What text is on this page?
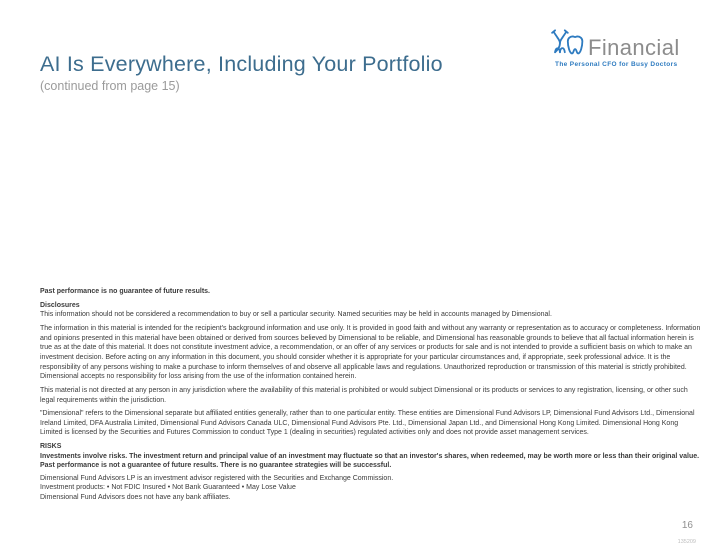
AI Is Everywhere, Including Your Portfolio

(continued from page 15)

Financial
The Personal CFO for Busy Doctors

Past performance is no guarantee of future results.

Disclosures

This information should not be considered a recommendation to buy or sell a particular security. Named securities may be held in accounts managed by Dimensional.

The information in this material is intended for the recipient's background information and use only. It is provided in good faith and without any warranty or representation as to accuracy or completeness. Information and opinions presented in this material have been obtained or derived from sources believed by Dimensional to be reliable, and Dimensional has reasonable grounds to believe that all factual information herein is true as at the date of this material. It does not constitute investment advice, a recommendation, or an offer of any services or products for sale and is not intended to provide a sufficient basis on which to make an investment decision. Before acting on any information in this document, you should consider whether it is appropriate for your particular circumstances and, if appropriate, seek professional advice. It is the responsibility of any persons wishing to make a purchase to inform themselves of and observe all applicable laws and regulations. Unauthorized reproduction or transmission of this material is strictly prohibited. Dimensional accepts no responsibility for loss arising from the use of the information contained herein.

This material is not directed at any person in any jurisdiction where the availability of this material is prohibited or would subject Dimensional or its products or services to any registration, licensing, or other such legal requirements within the jurisdiction.

"Dimensional" refers to the Dimensional separate but affiliated entities generally, rather than to one particular entity. These entities are Dimensional Fund Advisors LP, Dimensional Fund Advisors Ltd., Dimensional Ireland Limited, DFA Australia Limited, Dimensional Fund Advisors Canada ULC, Dimensional Fund Advisors Pte. Ltd., Dimensional Japan Ltd., and Dimensional Hong Kong Limited. Dimensional Hong Kong Limited is licensed by the Securities and Futures Commission to conduct Type 1 (dealing in securities) regulated activities only and does not provide asset management services.

RISKS

Investments involve risks. The investment return and principal value of an investment may fluctuate so that an investor's shares, when redeemed, may be worth more or less than their original value. Past performance is not a guarantee of future results. There is no guarantee strategies will be successful.

Dimensional Fund Advisors LP is an investment advisor registered with the Securities and Exchange Commission.

Investment products: • Not FDIC Insured • Not Bank Guaranteed • May Lose Value

Dimensional Fund Advisors does not have any bank affiliates.

16
135209
